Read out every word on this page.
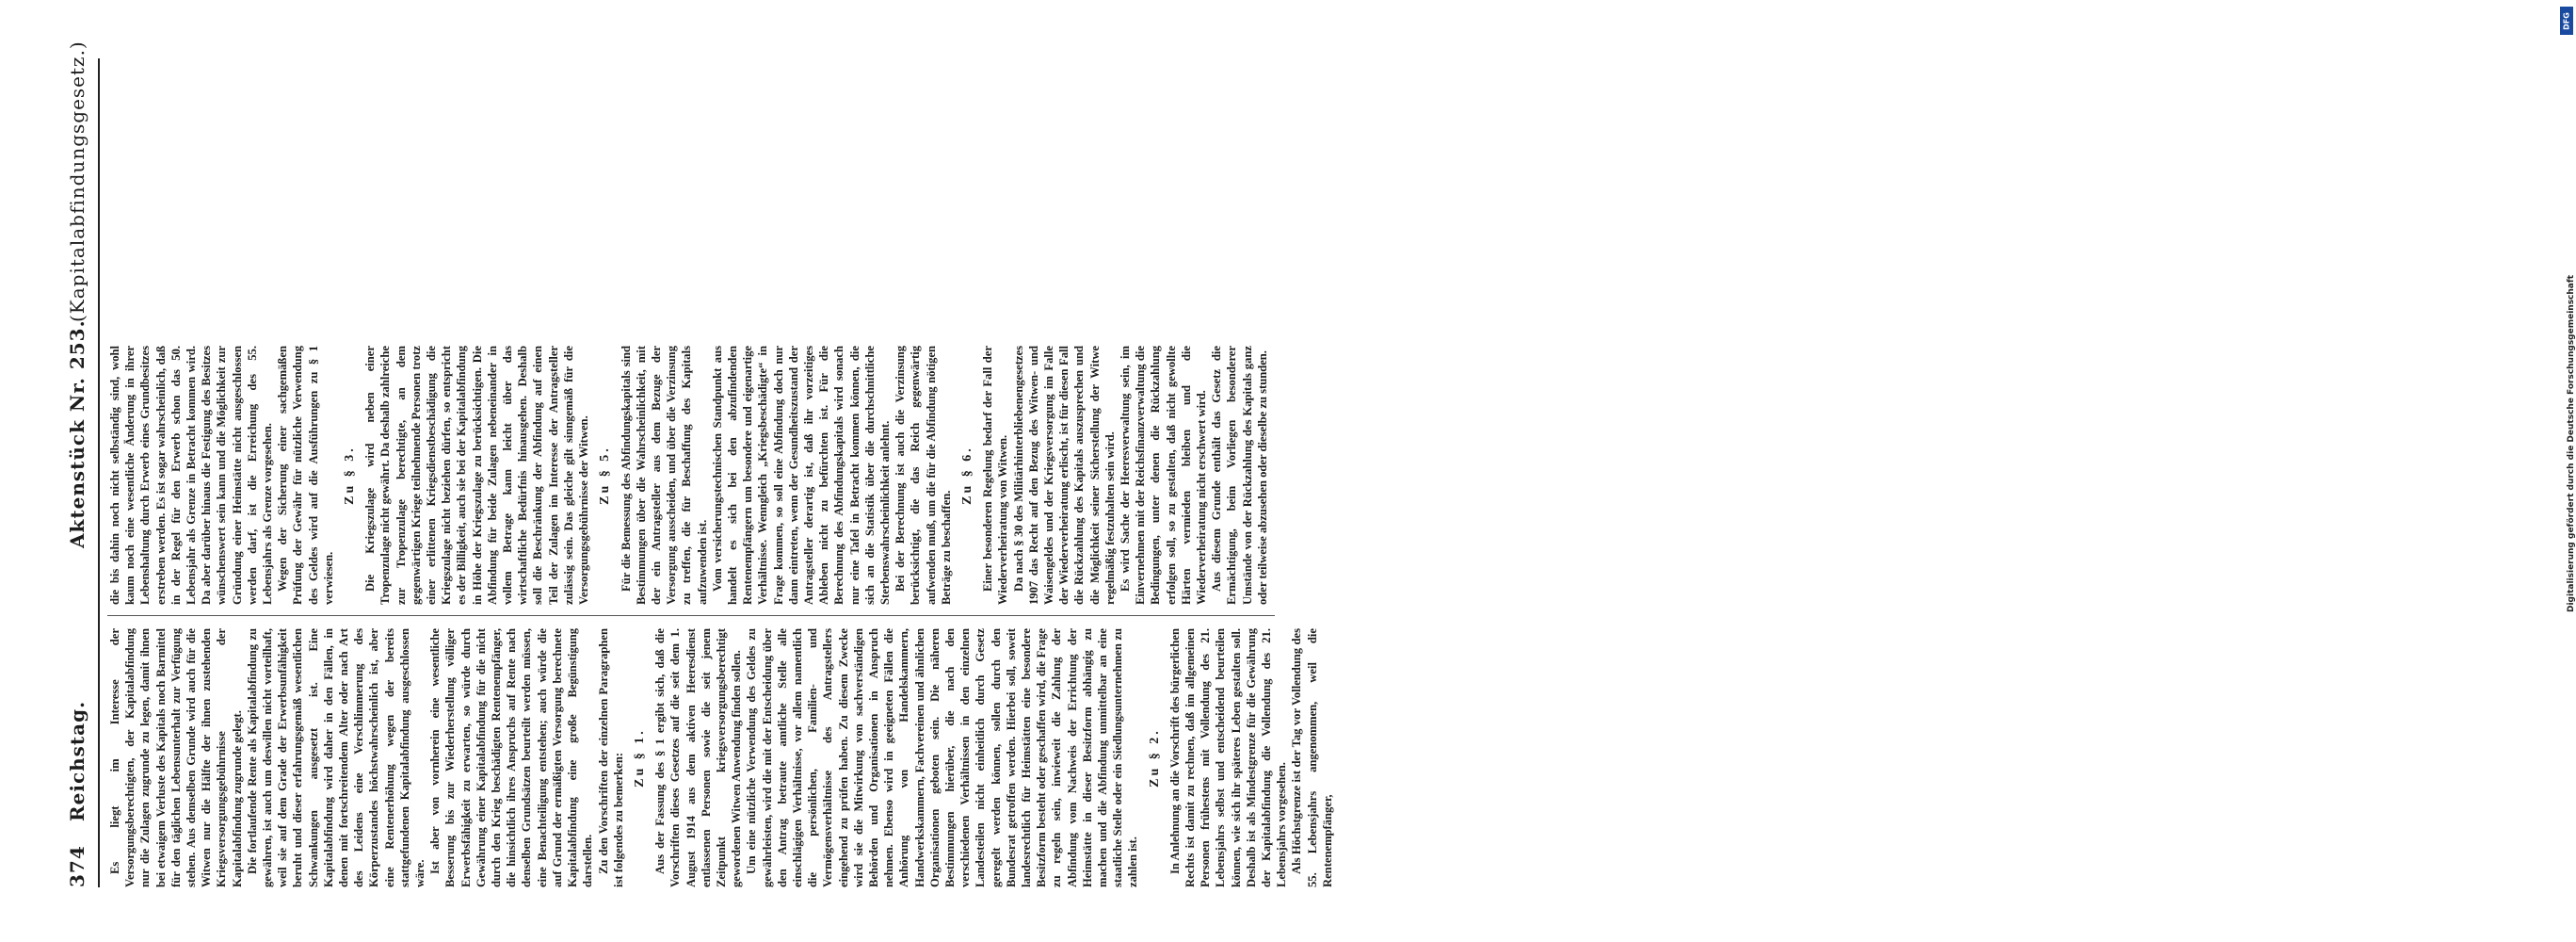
374
Reichstag.
Aktenstück Nr. 253.
(Kapitalabfindungsgesetz.)

Es liegt im Interesse der Versorgungsberechtigten, der Kapitalabfindung nur die Zulagen zugrunde zu legen, damit ihnen bei etwaigem Verluste des Kapitals noch Barmittel für den täglichen Lebensunterhalt zur Verfügung stehen. Aus demselben Grunde wird auch für die Witwen nur die Hälfte der ihnen zustehenden Kriegsversorgungsgebührnisse der Kapitalabfindung zugrunde gelegt. Die fortlaufende Rente als Kapitalabfindung zu gewähren, ist auch um deswillen nicht vorteilhaft, weil sie auf dem Grade der Erwerbsunfähigkeit beruht und dieser erfahrungsgemäß wesentlichen Schwankungen ausgesetzt ist. Eine Kapitalabfindung wird daher in den Fällen, in denen mit fortschreitendem Alter oder nach Art des Leidens eine Verschlimmerung des Körperzustandes höchstwahrscheinlich ist, aber eine Rentenerhöhung wegen der bereits stattgefundenen Kapitalabfindung ausgeschlossen wäre. Ist aber von vornherein eine wesentliche Besserung bis zur Wiederherstellung völliger Erwerbsfähigkeit zu erwarten, so würde durch Gewährung einer Kapitalabfindung für die nicht durch den Krieg beschädigten Rentenempfänger, die hinsichtlich ihres Anspruchs auf Rente nach denselben Grundsätzen beurteilt werden müssen, eine Benachteiligung entstehen; auch würde die auf Grund der ermäßigten Versorgung berechnete Kapitalabfindung eine große Begünstigung darstellen. Zu den Vorschriften der einzelnen Paragraphen ist folgendes zu bemerken: Zu § 1. Aus der Fassung des § 1 ergibt sich, daß die Vorschriften dieses Gesetzes auf die seit dem 1. August 1914 aus dem aktiven Heeresdienst entlassenen Personen sowie die seit jenem Zeitpunkt kriegsversorgungsberechtigt gewordenen Witwen Anwendung finden sollen. Um eine nützliche Verwendung des Geldes zu gewährleisten, wird die mit der Entscheidung über den Antrag betraute amtliche Stelle alle einschlägigen Verhältnisse, vor allem namentlich die persönlichen, Familien- und Vermögensverhältnisse des Antragstellers eingehend zu prüfen haben. Zu diesem Zwecke wird sie die Mitwirkung von sachverständigen Behörden und Organisationen in Anspruch nehmen. Ebenso wird in geeigneten Fällen die Anhörung von Handelskammern, Handwerkskammern, Fachvereinen und ähnlichen Organisationen geboten sein. Die näheren Bestimmungen hierüber, die nach den verschiedenen Verhältnissen in den einzelnen Landesteilen nicht einheitlich durch Gesetz geregelt werden können, sollen durch den Bundesrat getroffen werden. Hierbei soll, soweit landesrechtlich für Heimstätten eine besondere Besitzform besteht oder geschaffen wird, die Frage zu regeln sein, inwieweit die Zahlung der Abfindung vom Nachweis der Errichtung der Heimstätte in dieser Besitzform abhängig zu machen und die Abfindung unmittelbar an eine staatliche Stelle oder ein Siedlungsunternehmen zu zahlen ist.

Zu § 2. In Anlehnung an die Vorschrift des bürgerlichen Rechts ist damit zu rechnen, daß im allgemeinen Personen frühestens mit Vollendung des 21. Lebensjahrs selbst und entscheidend beurteilen können, wie sich ihr späteres Leben gestalten soll. Deshalb ist als Mindestgrenze für die Gewährung der Kapitalabfindung die Vollendung des 21. Lebensjahrs vorgesehen. Als Höchstgrenze ist der Tag vor Vollendung des 55. Lebensjahrs angenommen, weil die Rentenempfänger,

die bis dahin noch nicht selbständig sind, wohl kaum noch eine wesentliche Änderung in ihrer Lebenshaltung durch Erwerb eines Grundbesitzes erstreben werden. Es ist sogar wahrscheinlich, daß in der Regel für den Erwerb schon das 50. Lebensjahr als Grenze in Betracht kommen wird. Da aber darüber hinaus die Festigung des Besitzes wünschenswert sein kann und die Möglichkeit zur Gründung einer Heimstätte nicht ausgeschlossen werden darf, ist die Erreichung des 55. Lebensjahrs als Grenze vorgesehen. Wegen der Sicherung einer sachgemäßen Prüfung der Gewähr für nützliche Verwendung des Geldes wird auf die Ausführungen zu § 1 verwiesen.

Zu § 3. Die Kriegszulage wird neben einer Tropenzulage nicht gewährt. Da deshalb zahlreiche zur Tropenzulage berechtigte, an dem gegenwärtigen Kriege teilnehmende Personen trotz einer erlittenen Kriegsdienstbeschädigung die Kriegszulage nicht beziehen dürfen, so entspricht es der Billigkeit, auch sie bei der Kapitalabfindung in Höhe der Kriegszulage zu berücksichtigen. Die Abfindung für beide Zulagen nebeneinander in vollem Betrage kann leicht über das wirtschaftliche Bedürfnis hinausgehen. Deshalb soll die Beschränkung der Abfindung auf einen Teil der Zulagen im Interesse der Antragsteller zulässig sein. Das gleiche gilt sinngemäß für die Versorgungsgebührnisse der Witwen. Zu § 5. Für die Bemessung des Abfindungskapitals sind Bestimmungen über die Wahrscheinlichkeit, mit der ein Antragsteller aus dem Bezuge der Versorgung ausscheiden, und über die Verzinsung zu treffen, die für Beschaffung des Kapitals aufzuwenden ist. Vom versicherungstechnischen Standpunkt aus handelt es sich bei den abzufindenden Rentenempfängern um besondere und eigenartige Verhältnisse. Wenngleich „Kriegsbeschädigte“ in Frage kommen, so soll eine Abfindung doch nur dann eintreten, wenn der Gesundheitszustand der Antragsteller derartig ist, daß ihr vorzeitiges Ableben nicht zu befürchten ist. Für die Berechnung des Abfindungskapitals wird sonach nur eine Tafel in Betracht kommen können, die sich an die Statistik über die durchschnittliche Sterbenswahrscheinlichkeit anlehnt. Bei der Berechnung ist auch die Verzinsung berücksichtigt, die das Reich gegenwärtig aufwenden muß, um die für die Abfindung nötigen Beträge zu beschaffen.

Zu § 6. Einer besonderen Regelung bedarf der Fall der Wiederverheiratung von Witwen. Da nach § 30 des Militärhinterbliebenengesetzes 1907 das Recht auf den Bezug des Witwen- und Waisengeldes und der Kriegsversorgung im Falle der Wiederverheiratung erlischt, ist für diesen Fall die Rückzahlung des Kapitals auszusprechen und die Möglichkeit seiner Sicherstellung der Witwe regelmäßig festzuhalten sein wird. Es wird Sache der Heeresverwaltung sein, im Einvernehmen mit der Reichsfinanzverwaltung die Bedingungen, unter denen die Rückzahlung erfolgen soll, so zu gestalten, daß nicht gewollte Härten vermieden bleiben und die Wiederverheiratung nicht erschwert wird. Aus diesem Grunde enthält das Gesetz die Ermächtigung, beim Vorliegen besonderer Umstände von der Rückzahlung des Kapitals ganz oder teilweise abzusehen oder dieselbe zu stunden.

DFG
Digitalisierung gefördert durch die Deutsche Forschungsgemeinschaft
